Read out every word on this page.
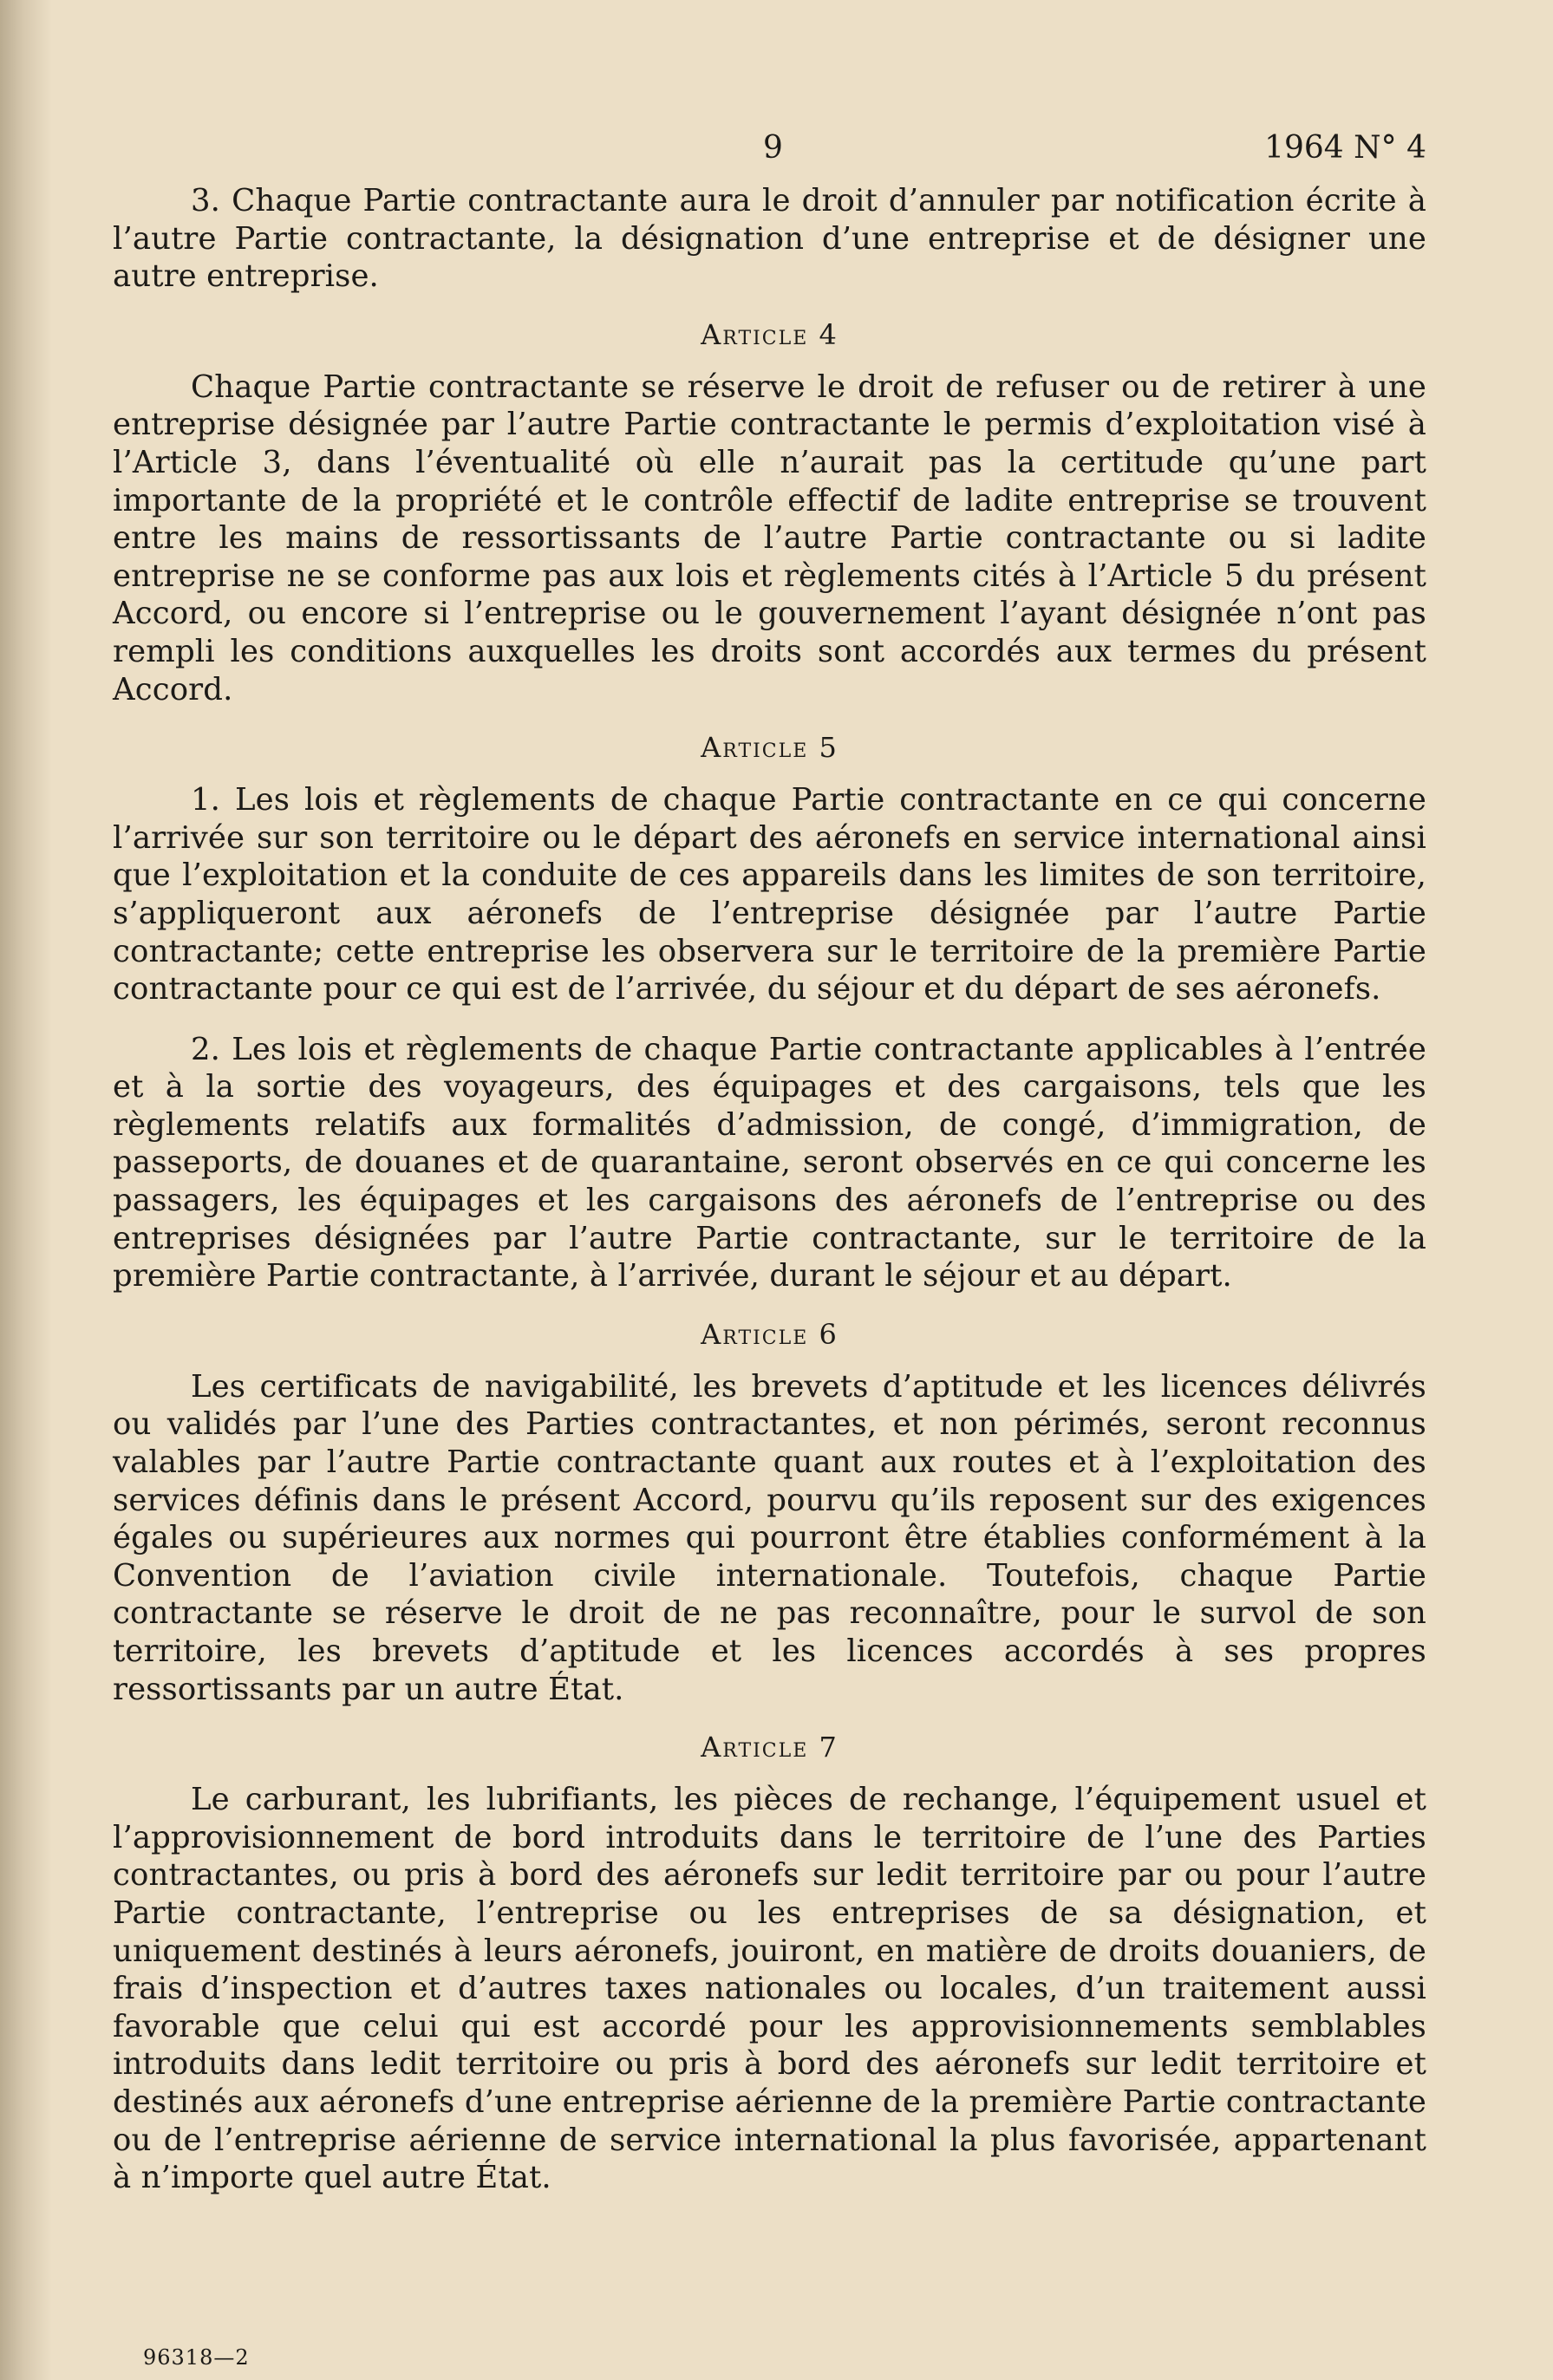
9	1964 N° 4

3. Chaque Partie contractante aura le droit d’annuler par notification écrite à l’autre Partie contractante, la désignation d’une entreprise et de désigner une autre entreprise.

Article 4

Chaque Partie contractante se réserve le droit de refuser ou de retirer à une entreprise désignée par l’autre Partie contractante le permis d’exploitation visé à l’Article 3, dans l’éventualité où elle n’aurait pas la certitude qu’une part importante de la propriété et le contrôle effectif de ladite entreprise se trouvent entre les mains de ressortissants de l’autre Partie contractante ou si ladite entreprise ne se conforme pas aux lois et règlements cités à l’Article 5 du présent Accord, ou encore si l’entreprise ou le gouvernement l’ayant désignée n’ont pas rempli les conditions auxquelles les droits sont accordés aux termes du présent Accord.

Article 5

1. Les lois et règlements de chaque Partie contractante en ce qui concerne l’arrivée sur son territoire ou le départ des aéronefs en service international ainsi que l’exploitation et la conduite de ces appareils dans les limites de son territoire, s’appliqueront aux aéronefs de l’entreprise désignée par l’autre Partie contractante; cette entreprise les observera sur le territoire de la première Partie contractante pour ce qui est de l’arrivée, du séjour et du départ de ses aéronefs.

2. Les lois et règlements de chaque Partie contractante applicables à l’entrée et à la sortie des voyageurs, des équipages et des cargaisons, tels que les règlements relatifs aux formalités d’admission, de congé, d’immigration, de passeports, de douanes et de quarantaine, seront observés en ce qui concerne les passagers, les équipages et les cargaisons des aéronefs de l’entreprise ou des entreprises désignées par l’autre Partie contractante, sur le territoire de la première Partie contractante, à l’arrivée, durant le séjour et au départ.

Article 6

Les certificats de navigabilité, les brevets d’aptitude et les licences délivrés ou validés par l’une des Parties contractantes, et non périmés, seront reconnus valables par l’autre Partie contractante quant aux routes et à l’exploitation des services définis dans le présent Accord, pourvu qu’ils reposent sur des exigences égales ou supérieures aux normes qui pourront être établies conformément à la Convention de l’aviation civile internationale. Toutefois, chaque Partie contractante se réserve le droit de ne pas reconnaître, pour le survol de son territoire, les brevets d’aptitude et les licences accordés à ses propres ressortissants par un autre État.

Article 7

Le carburant, les lubrifiants, les pièces de rechange, l’équipement usuel et l’approvisionnement de bord introduits dans le territoire de l’une des Parties contractantes, ou pris à bord des aéronefs sur ledit territoire par ou pour l’autre Partie contractante, l’entreprise ou les entreprises de sa désignation, et uniquement destinés à leurs aéronefs, jouiront, en matière de droits douaniers, de frais d’inspection et d’autres taxes nationales ou locales, d’un traitement aussi favorable que celui qui est accordé pour les approvisionnements semblables introduits dans ledit territoire ou pris à bord des aéronefs sur ledit territoire et destinés aux aéronefs d’une entreprise aérienne de la première Partie contractante ou de l’entreprise aérienne de service international la plus favorisée, appartenant à n’importe quel autre État.

96318—2
